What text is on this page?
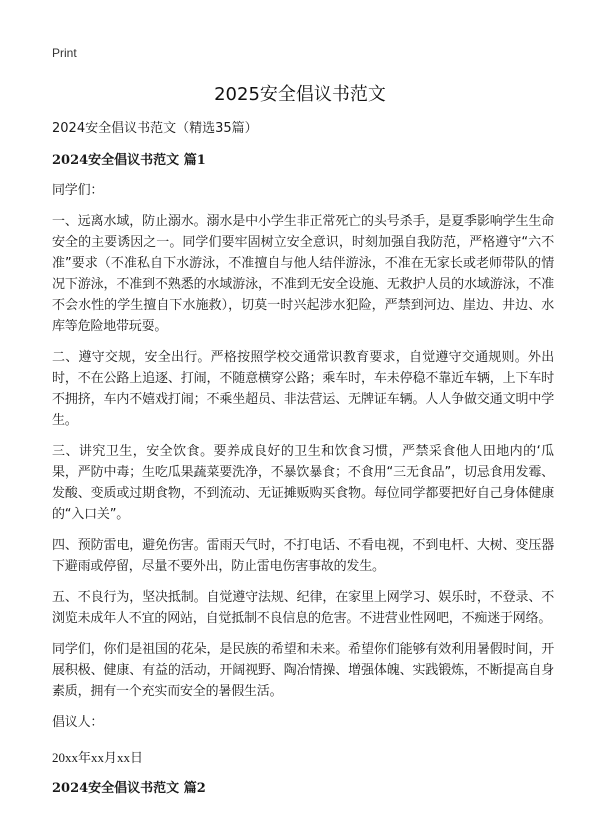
Print
2025安全倡议书范文

2024安全倡议书范文（精选35篇）

2024安全倡议书范文 篇1

同学们：

一、远离水域，防止溺水。溺水是中小学生非正常死亡的头号杀手，是夏季影响学生生命安全的主要诱因之一。同学们要牢固树立安全意识，时刻加强自我防范，严格遵守“六不准”要求（不准私自下水游泳，不准擅自与他人结伴游泳，不准在无家长或老师带队的情况下游泳，不准到不熟悉的水域游泳，不准到无安全设施、无救护人员的水域游泳，不准不会水性的学生擅自下水施救），切莫一时兴起涉水犯险，严禁到河边、崖边、井边、水库等危险地带玩耍。

二、遵守交规，安全出行。严格按照学校交通常识教育要求，自觉遵守交通规则。外出时，不在公路上追逐、打闹，不随意横穿公路；乘车时，车未停稳不靠近车辆，上下车时不拥挤，车内不嬉戏打闹；不乘坐超员、非法营运、无牌证车辆。人人争做交通文明中学生。

三、讲究卫生，安全饮食。要养成良好的卫生和饮食习惯，严禁采食他人田地内的‘瓜果，严防中毒；生吃瓜果蔬菜要洗净，不暴饮暴食；不食用“三无食品”，切忌食用发霉、发酸、变质或过期食物，不到流动、无证摊贩购买食物。每位同学都要把好自己身体健康的“入口关”。

四、预防雷电，避免伤害。雷雨天气时，不打电话、不看电视，不到电杆、大树、变压器下避雨或停留，尽量不要外出，防止雷电伤害事故的发生。

五、不良行为，坚决抵制。自觉遵守法规、纪律，在家里上网学习、娱乐时，不登录、不浏览未成年人不宜的网站，自觉抵制不良信息的危害。不进营业性网吧，不痴迷于网络。

同学们，你们是祖国的花朵，是民族的希望和未来。希望你们能够有效利用暑假时间，开展积极、健康、有益的活动，开阔视野、陶冶情操、增强体魄、实践锻炼，不断提高自身素质，拥有一个充实而安全的暑假生活。

倡议人：

20xx年xx月xx日

2024安全倡议书范文 篇2
